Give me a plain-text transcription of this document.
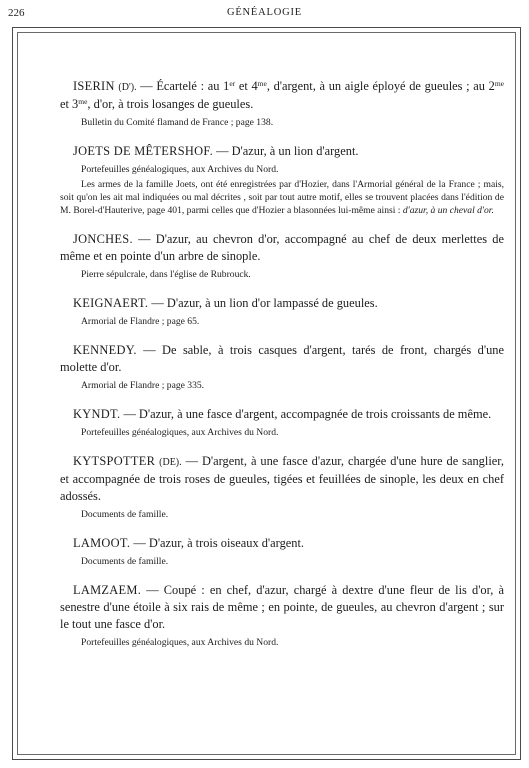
226	GÉNÉALOGIE

ISERIN (D'). — Écartelé : au 1er et $4^{me}$, d'argent, à un aigle éployé de gueules ; au $2^{me}$ et $3^{me}$, d'or, à trois losanges de gueules.

Bulletin du Comité flamand de France ; page 138.

JOETS DE MÊTERSHOF. — D'azur, à un lion d'argent.

Portefeuilles généalogiques, aux Archives du Nord.

Les armes de la famille Joets, ont été enregistrées par d'Hozier, dans l'Armorial général de la France ; mais, soit qu'on les ait mal indiquées ou mal décrites , soit par tout autre motif, elles se trouvent placées dans l'édition de M. Borel-d'Hauterive, page 401, parmi celles que d'Hozier a blasonnées lui-même ainsi : d'azur, à un cheval d'or.

JONCHES. — D'azur, au chevron d'or, accompagné au chef de deux merlettes de même et en pointe d'un arbre de sinople.

Pierre sépulcrale, dans l'église de Rubrouck.

KEIGNAERT. — D'azur, à un lion d'or lampassé de gueules.

Armorial de Flandre ; page 65.

KENNEDY. — De sable, à trois casques d'argent, tarés de front, chargés d'une molette d'or.

Armorial de Flandre ; page 335.

KYNDT. — D'azur, à une fasce d'argent, accompagnée de trois croissants de même.

Portefeuilles généalogiques, aux Archives du Nord.

KYTSPOTTER (DE). — D'argent, à une fasce d'azur, chargée d'une hure de sanglier, et accompagnée de trois roses de gueules, tigées et feuillées de sinople, les deux en chef adossés.

Documents de famille.

LAMOOT. — D'azur, à trois oiseaux d'argent.

Documents de famille.

LAMZAEM. — Coupé : en chef, d'azur, chargé à dextre d'une fleur de lis d'or, à senestre d'une étoile à six rais de même ; en pointe, de gueules, au chevron d'argent ; sur le tout une fasce d'or.

Portefeuilles généalogiques, aux Archives du Nord.
